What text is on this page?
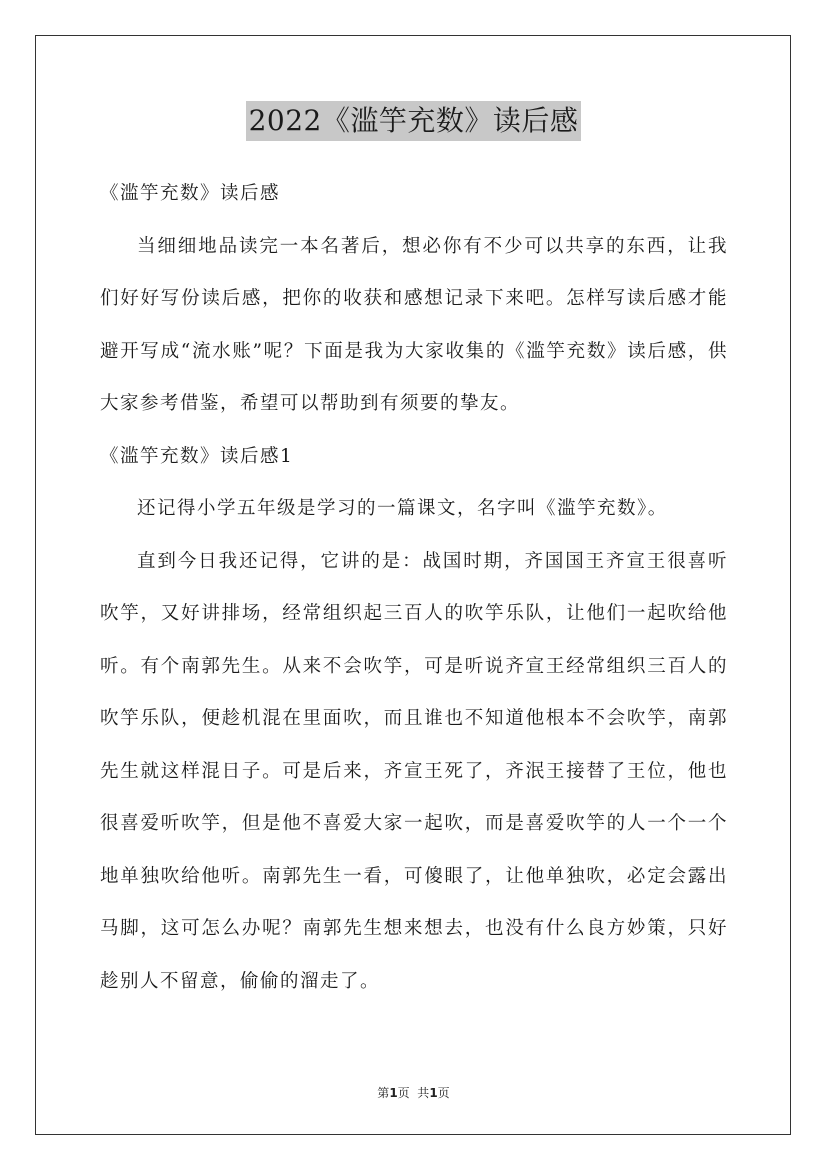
2022《滥竽充数》读后感

《滥竽充数》读后感

当细细地品读完一本名著后，想必你有不少可以共享的东西，让我们好好写份读后感，把你的收获和感想记录下来吧。怎样写读后感才能避开写成“流水账”呢？下面是我为大家收集的《滥竽充数》读后感，供大家参考借鉴，希望可以帮助到有须要的挚友。

《滥竽充数》读后感1

还记得小学五年级是学习的一篇课文，名字叫《滥竽充数》。

直到今日我还记得，它讲的是：战国时期，齐国国王齐宣王很喜听吹竽，又好讲排场，经常组织起三百人的吹竽乐队，让他们一起吹给他听。有个南郭先生。从来不会吹竽，可是听说齐宣王经常组织三百人的吹竽乐队，便趁机混在里面吹，而且谁也不知道他根本不会吹竽，南郭先生就这样混日子。可是后来，齐宣王死了，齐泯王接替了王位，他也很喜爱听吹竽，但是他不喜爱大家一起吹，而是喜爱吹竽的人一个一个地单独吹给他听。南郭先生一看，可傻眼了，让他单独吹，必定会露出马脚，这可怎么办呢？南郭先生想来想去，也没有什么良方妙策，只好趁别人不留意，偷偷的溜走了。

第1页  共1页
